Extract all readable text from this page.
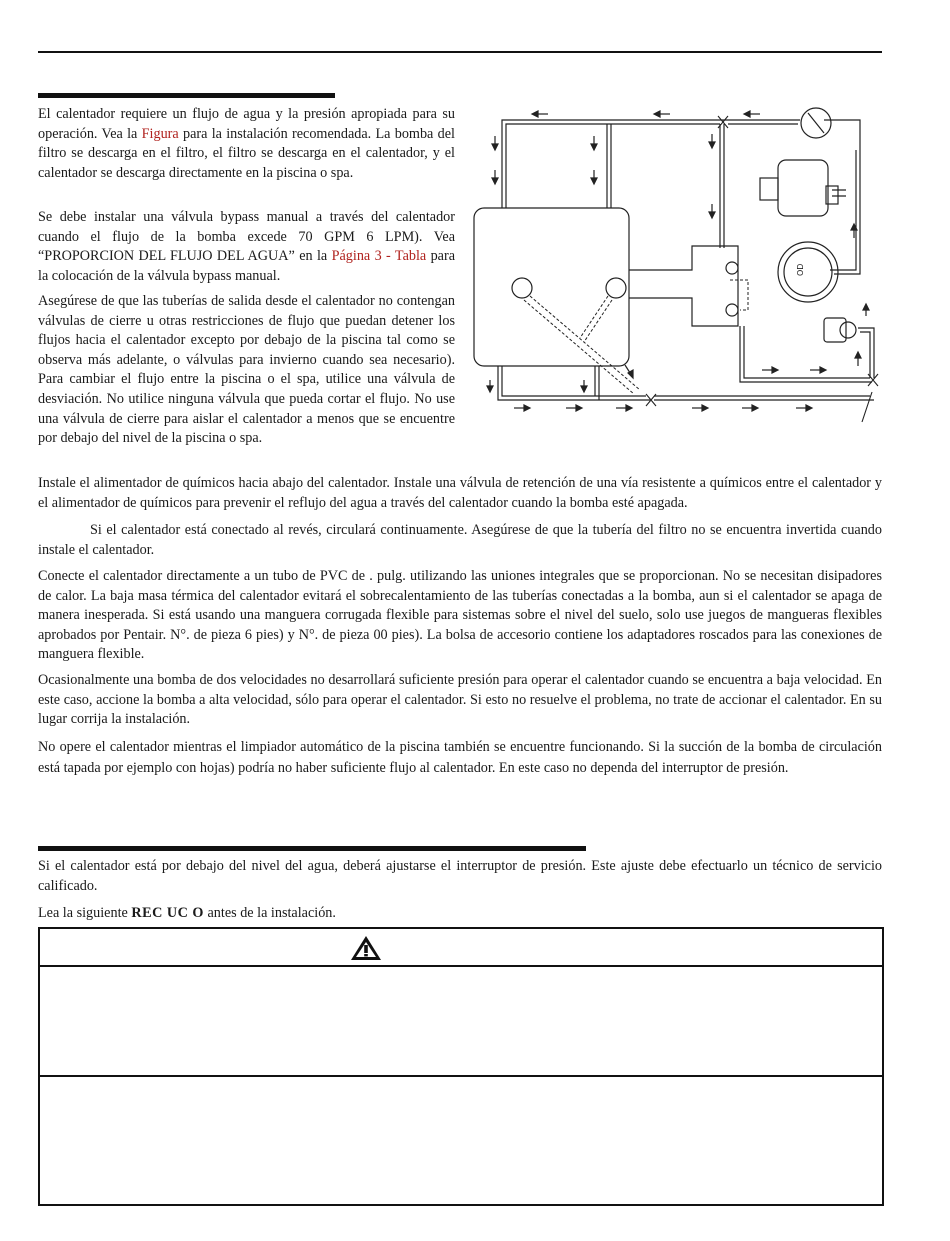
El calentador requiere un flujo de agua y la presión apropiada para su operación. Vea la Figura para la instalación recomendada. La bomba del filtro se descarga en el filtro, el filtro se descarga en el calentador, y el calentador se descarga directamente en la piscina o spa.

Se debe instalar una válvula bypass manual a través del calentador cuando el flujo de la bomba excede 70 GPM 6 LPM). Vea “PROPORCION DEL FLUJO DEL AGUA” en la Página 3 - Tabla para la colocación de la válvula bypass manual.

Asegúrese de que las tuberías de salida desde el calentador no contengan válvulas de cierre u otras restricciones de flujo que puedan detener los flujos hacia el calentador excepto por debajo de la piscina tal como se observa más adelante, o válvulas para invierno cuando sea necesario). Para cambiar el flujo entre la piscina o el spa, utilice una válvula de desviación. No utilice ninguna válvula que pueda cortar el flujo. No use una válvula de cierre para aislar el calentador a menos que se encuentre por debajo del nivel de la piscina o spa.

Instale el alimentador de químicos hacia abajo del calentador. Instale una válvula de retención de una vía resistente a químicos entre el calentador y el alimentador de químicos para prevenir el reflujo del agua a través del calentador cuando la bomba esté apagada.

Si el calentador está conectado al revés, circulará continuamente. Asegúrese de que la tubería del filtro no se encuentra invertida cuando instale el calentador.

Conecte el calentador directamente a un tubo de PVC de . pulg. utilizando las uniones integrales que se proporcionan. No se necesitan disipadores de calor. La baja masa térmica del calentador evitará el sobrecalentamiento de las tuberías conectadas a la bomba, aun si el calentador se apaga de manera inesperada. Si está usando una manguera corrugada flexible para sistemas sobre el nivel del suelo, solo use juegos de mangueras flexibles aprobados por Pentair. N°. de pieza 6 pies) y N°. de pieza 00 pies). La bolsa de accesorio contiene los adaptadores roscados para las conexiones de manguera flexible.

Ocasionalmente una bomba de dos velocidades no desarrollará suficiente presión para operar el calentador cuando se encuentra a baja velocidad. En este caso, accione la bomba a alta velocidad, sólo para operar el calentador. Si esto no resuelve el problema, no trate de accionar el calentador. En su lugar corrija la instalación.

No opere el calentador mientras el limpiador automático de la piscina también se encuentre funcionando. Si la succión de la bomba de circulación está tapada por ejemplo con hojas) podría no haber suficiente flujo al calentador. En este caso no dependa del interruptor de presión.

OD

Si el calentador está por debajo del nivel del agua, deberá ajustarse el interruptor de presión. Este ajuste debe efectuarlo un técnico de servicio calificado.

Lea la siguiente REC UC O antes de la instalación.
